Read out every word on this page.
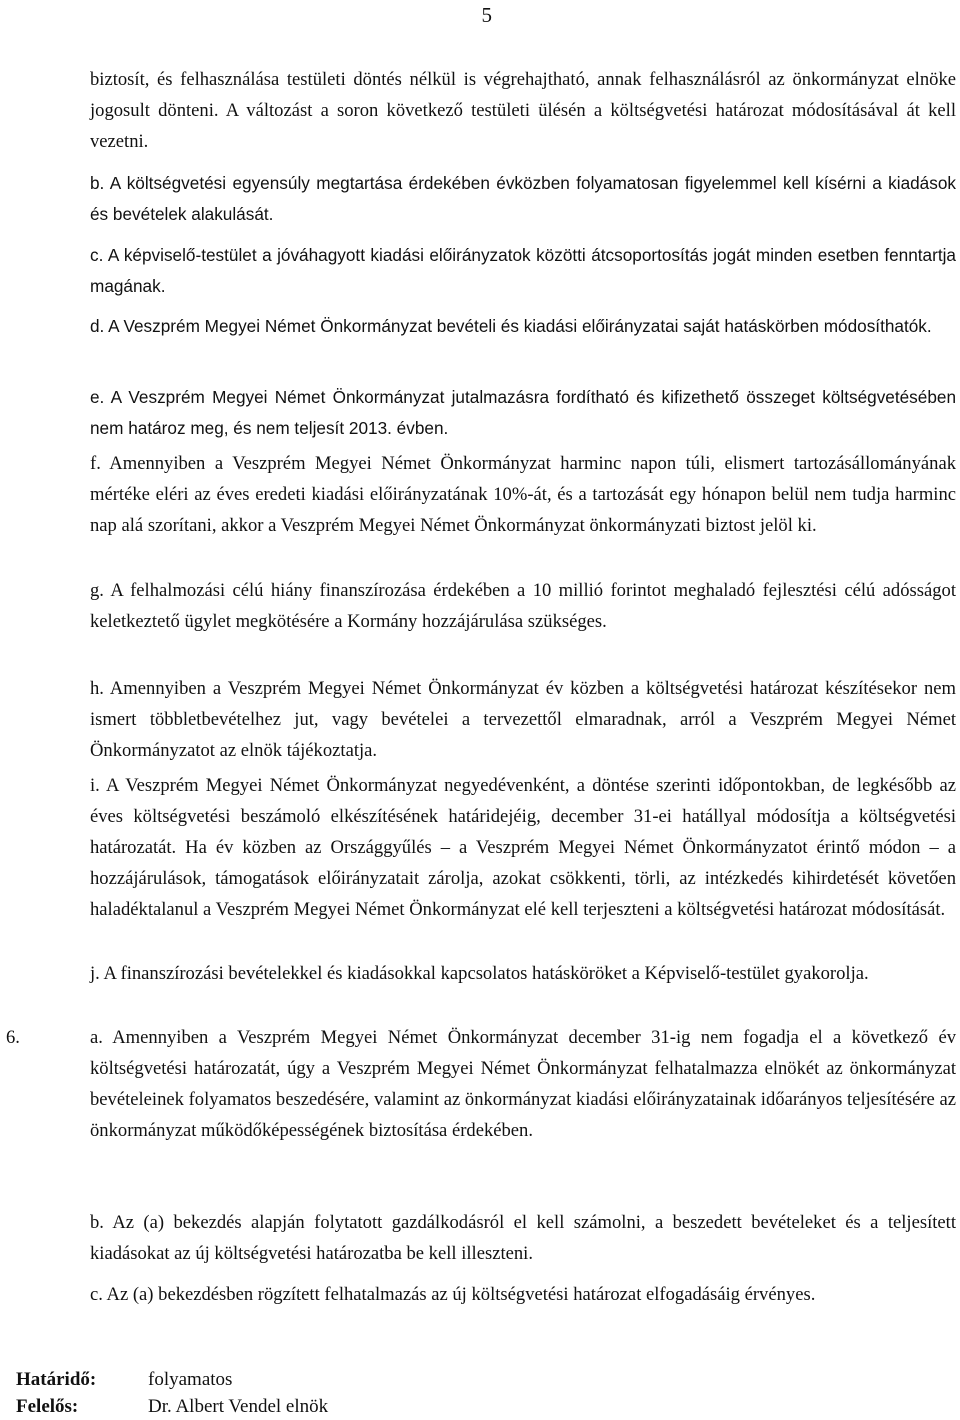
5
biztosít, és felhasználása testületi döntés nélkül is végrehajtható, annak felhasználásról az önkormányzat elnöke jogosult dönteni. A változást a soron következő testületi ülésén a költségvetési határozat módosításával át kell vezetni.

b. A költségvetési egyensúly megtartása érdekében évközben folyamatosan figyelemmel kell kísérni a kiadások és bevételek alakulását.

c. A képviselő-testület a jóváhagyott kiadási előirányzatok közötti átcsoportosítás jogát minden esetben fenntartja magának.

d. A Veszprém Megyei Német Önkormányzat bevételi és kiadási előirányzatai saját hatáskörben módosíthatók.

e. A Veszprém Megyei Német Önkormányzat jutalmazásra fordítható és kifizethető összeget költségvetésében nem határoz meg, és nem teljesít 2013. évben.

f. Amennyiben a Veszprém Megyei Német Önkormányzat harminc napon túli, elismert tartozásállományának mértéke eléri az éves eredeti kiadási előirányzatának 10%-át, és a tartozását egy hónapon belül nem tudja harminc nap alá szorítani, akkor a Veszprém Megyei Német Önkormányzat önkormányzati biztost jelöl ki.

g. A felhalmozási célú hiány finanszírozása érdekében a 10 millió forintot meghaladó fejlesztési célú adósságot keletkeztető ügylet megkötésére a Kormány hozzájárulása szükséges.

h. Amennyiben a Veszprém Megyei Német Önkormányzat év közben a költségvetési határozat készítésekor nem ismert többletbevételhez jut, vagy bevételei a tervezettől elmaradnak, arról a Veszprém Megyei Német Önkormányzatot az elnök tájékoztatja.

i. A Veszprém Megyei Német Önkormányzat negyedévenként, a döntése szerinti időpontokban, de legkésőbb az éves költségvetési beszámoló elkészítésének határidejéig, december 31-ei hatállyal módosítja a költségvetési határozatát. Ha év közben az Országgyűlés – a Veszprém Megyei Német Önkormányzatot érintő módon – a hozzájárulások, támogatások előirányzatait zárolja, azokat csökkenti, törli, az intézkedés kihirdetését követően haladéktalanul a Veszprém Megyei Német Önkormányzat elé kell terjeszteni a költségvetési határozat módosítását.

j. A finanszírozási bevételekkel és kiadásokkal kapcsolatos hatásköröket a Képviselő-testület gyakorolja.

6.	a. Amennyiben a Veszprém Megyei Német Önkormányzat december 31-ig nem fogadja el a következő év költségvetési határozatát, úgy a Veszprém Megyei Német Önkormányzat felhatalmazza elnökét az önkormányzat bevételeinek folyamatos beszedésére, valamint az önkormányzat kiadási előirányzatainak időarányos teljesítésére az önkormányzat működőképességének biztosítása érdekében.

b. Az (a) bekezdés alapján folytatott gazdálkodásról el kell számolni, a beszedett bevételeket és a teljesített kiadásokat az új költségvetési határozatba be kell illeszteni.

c. Az (a) bekezdésben rögzített felhatalmazás az új költségvetési határozat elfogadásáig érvényes.

Határidő:	folyamatos
Felelős:	Dr. Albert Vendel elnök
